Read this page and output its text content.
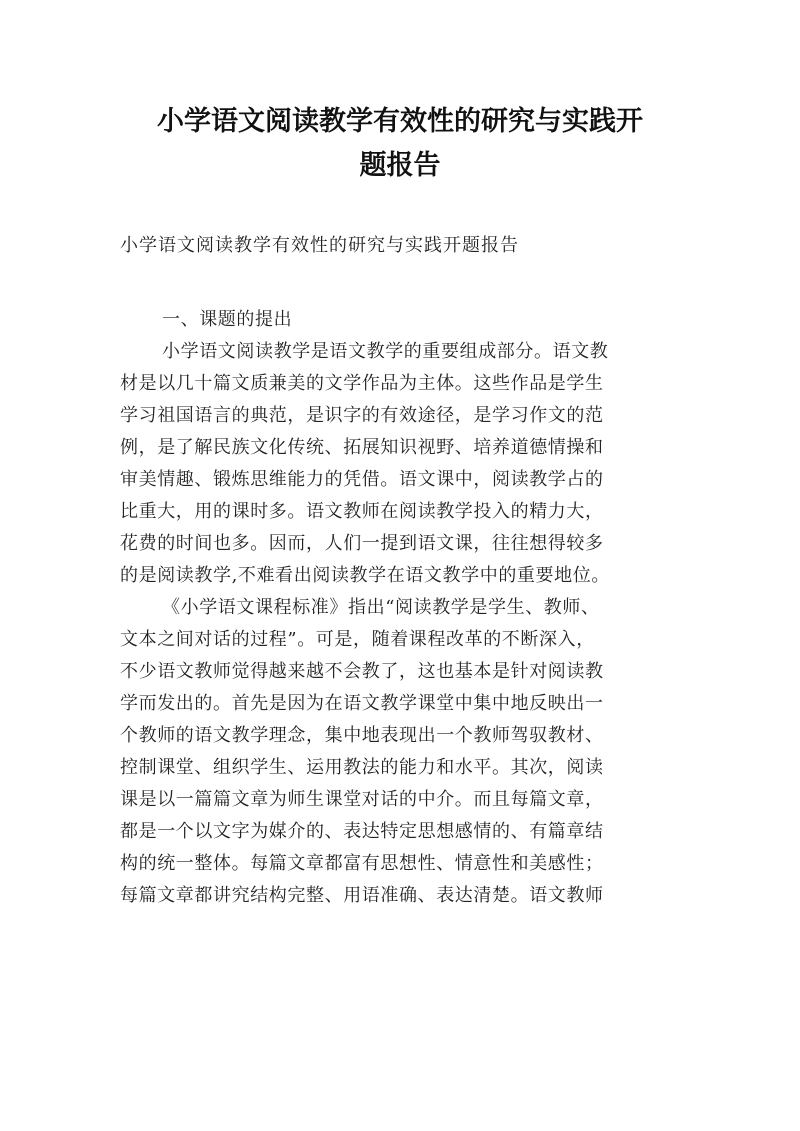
小学语文阅读教学有效性的研究与实践开
题报告

小学语文阅读教学有效性的研究与实践开题报告

一、课题的提出
小学语文阅读教学是语文教学的重要组成部分。语文教
材是以几十篇文质兼美的文学作品为主体。这些作品是学生
学习祖国语言的典范，是识字的有效途径，是学习作文的范
例，是了解民族文化传统、拓展知识视野、培养道德情操和
审美情趣、锻炼思维能力的凭借。语文课中，阅读教学占的
比重大，用的课时多。语文教师在阅读教学投入的精力大，
花费的时间也多。因而，人们一提到语文课，往往想得较多
的是阅读教学,不难看出阅读教学在语文教学中的重要地位。
《小学语文课程标准》指出“阅读教学是学生、教师、
文本之间对话的过程”。可是，随着课程改革的不断深入，
不少语文教师觉得越来越不会教了，这也基本是针对阅读教
学而发出的。首先是因为在语文教学课堂中集中地反映出一
个教师的语文教学理念，集中地表现出一个教师驾驭教材、
控制课堂、组织学生、运用教法的能力和水平。其次，阅读
课是以一篇篇文章为师生课堂对话的中介。而且每篇文章，
都是一个以文字为媒介的、表达特定思想感情的、有篇章结
构的统一整体。每篇文章都富有思想性、情意性和美感性；
每篇文章都讲究结构完整、用语准确、表达清楚。语文教师
